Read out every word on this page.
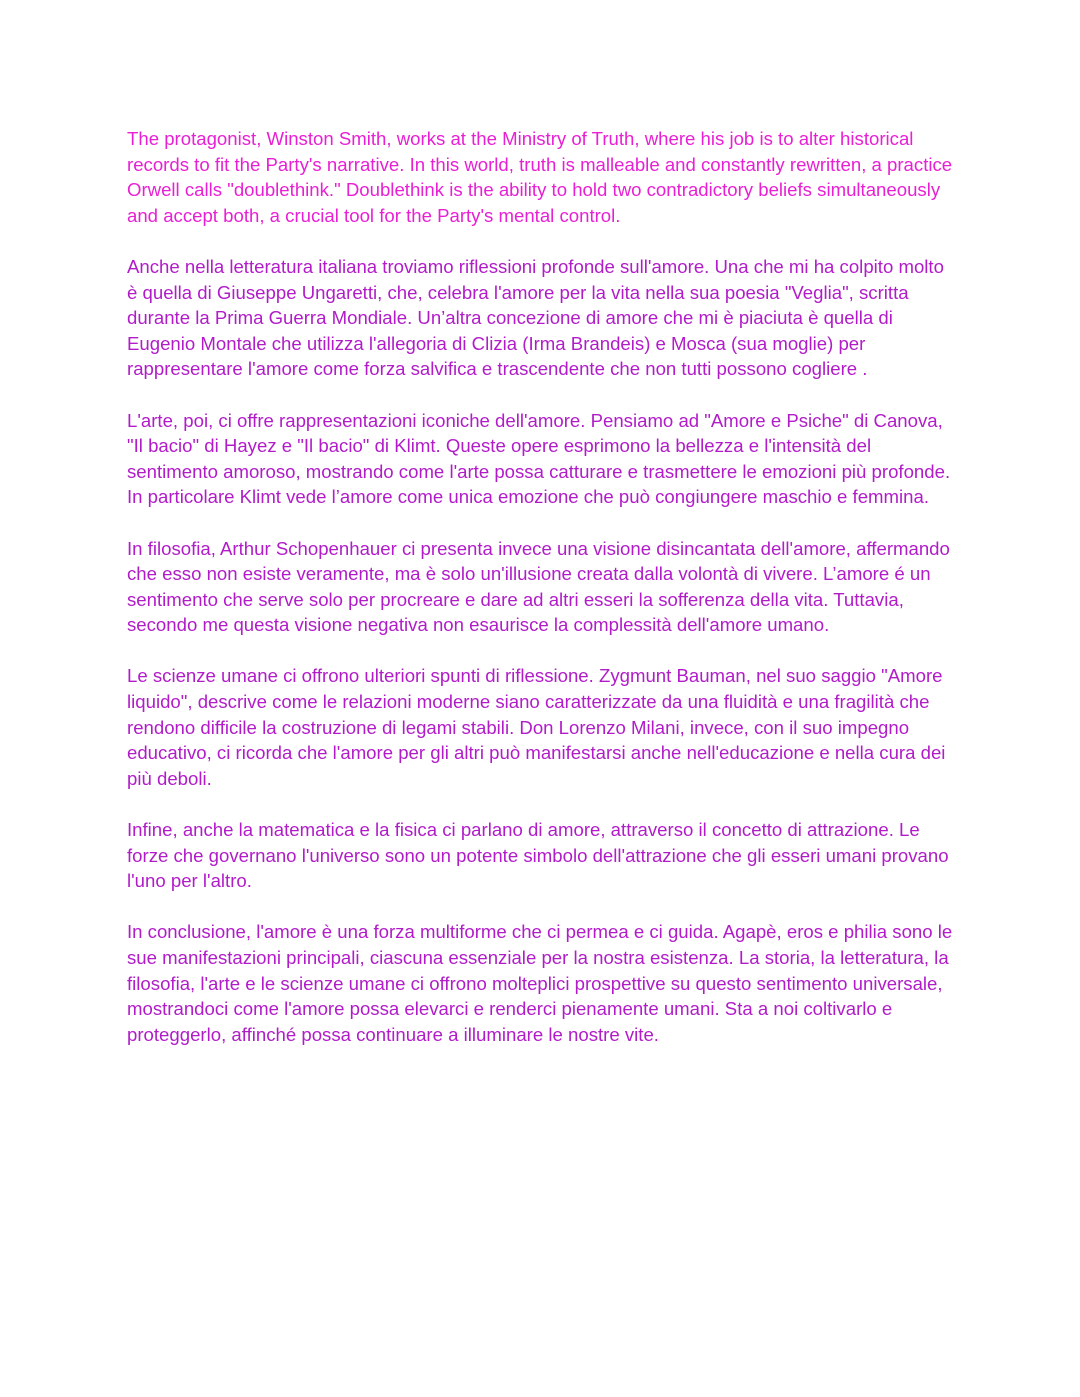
The protagonist, Winston Smith, works at the Ministry of Truth, where his job is to alter historical records to fit the Party's narrative. In this world, truth is malleable and constantly rewritten, a practice Orwell calls "doublethink." Doublethink is the ability to hold two contradictory beliefs simultaneously and accept both, a crucial tool for the Party's mental control.

Anche nella letteratura italiana troviamo riflessioni profonde sull'amore. Una che mi ha colpito molto è quella di Giuseppe Ungaretti, che, celebra l'amore per la vita nella sua poesia "Veglia", scritta durante la Prima Guerra Mondiale. Un’altra concezione di amore che mi è piaciuta è quella di Eugenio Montale che utilizza l'allegoria di Clizia (Irma Brandeis) e Mosca (sua moglie) per rappresentare l'amore come forza salvifica e trascendente che non tutti possono cogliere .

L'arte, poi, ci offre rappresentazioni iconiche dell'amore. Pensiamo ad "Amore e Psiche" di Canova, "Il bacio" di Hayez e "Il bacio" di Klimt. Queste opere esprimono la bellezza e l'intensità del sentimento amoroso, mostrando come l'arte possa catturare e trasmettere le emozioni più profonde. In particolare Klimt vede l’amore come unica emozione che può congiungere maschio e femmina.

In filosofia, Arthur Schopenhauer ci presenta invece una visione disincantata dell'amore, affermando che esso non esiste veramente, ma è solo un'illusione creata dalla volontà di vivere. L’amore é un sentimento che serve solo per procreare e dare ad altri esseri la sofferenza della vita. Tuttavia, secondo me questa visione negativa non esaurisce la complessità dell'amore umano.

Le scienze umane ci offrono ulteriori spunti di riflessione. Zygmunt Bauman, nel suo saggio "Amore liquido", descrive come le relazioni moderne siano caratterizzate da una fluidità e una fragilità che rendono difficile la costruzione di legami stabili. Don Lorenzo Milani, invece, con il suo impegno educativo, ci ricorda che l'amore per gli altri può manifestarsi anche nell'educazione e nella cura dei più deboli.

Infine, anche la matematica e la fisica ci parlano di amore, attraverso il concetto di attrazione. Le forze che governano l'universo sono un potente simbolo dell'attrazione che gli esseri umani provano l'uno per l'altro.

In conclusione, l'amore è una forza multiforme che ci permea e ci guida. Agapè, eros e philia sono le sue manifestazioni principali, ciascuna essenziale per la nostra esistenza. La storia, la letteratura, la filosofia, l'arte e le scienze umane ci offrono molteplici prospettive su questo sentimento universale, mostrandoci come l'amore possa elevarci e renderci pienamente umani. Sta a noi coltivarlo e proteggerlo, affinché possa continuare a illuminare le nostre vite.
